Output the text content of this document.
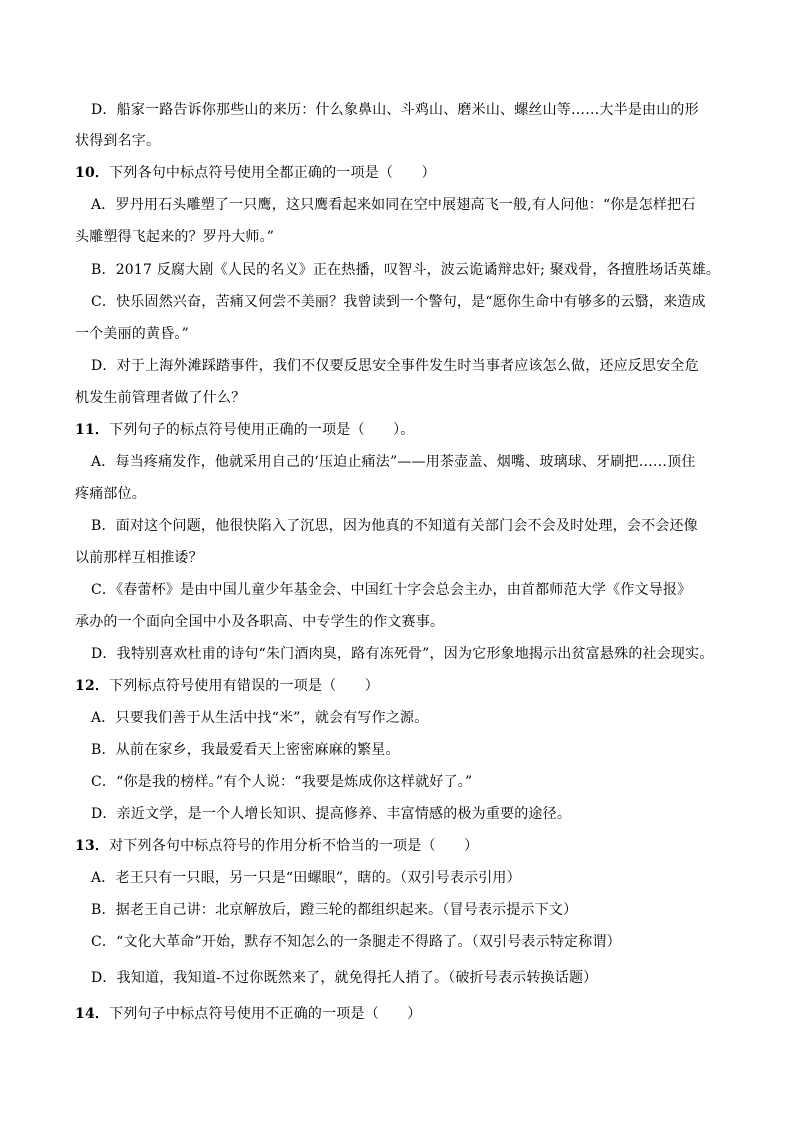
D．船家一路告诉你那些山的来历：什么象鼻山、斗鸡山、磨米山、螺丝山等……大半是由山的形
状得到名字。
10．下列各句中标点符号使用全都正确的一项是（　　）
A．罗丹用石头雕塑了一只鹰，这只鹰看起来如同在空中展翅高飞一般,有人问他：“你是怎样把石
头雕塑得飞起来的？罗丹大师。”
B．2017 反腐大剧《人民的名义》正在热播，叹智斗，波云诡谲辩忠奸; 聚戏骨，各擅胜场话英雄。
C．快乐固然兴奋，苦痛又何尝不美丽？我曾读到一个警句，是“愿你生命中有够多的云翳，来造成
一个美丽的黄昏。”
D．对于上海外滩踩踏事件，我们不仅要反思安全事件发生时当事者应该怎么做，还应反思安全危
机发生前管理者做了什么？
11．下列句子的标点符号使用正确的一项是（　　）。
A．每当疼痛发作，他就采用自己的‘压迫止痛法”——用茶壶盖、烟嘴、玻璃球、牙刷把……顶住
疼痛部位。
B．面对这个问题，他很快陷入了沉思，因为他真的不知道有关部门会不会及时处理，会不会还像
以前那样互相推诿？
C．《春蕾杯》是由中国儿童少年基金会、中国红十字会总会主办，由首都师范大学《作文导报》
承办的一个面向全国中小及各职高、中专学生的作文赛事。
D．我特别喜欢杜甫的诗句“朱门酒肉臭，路有冻死骨”，因为它形象地揭示出贫富悬殊的社会现实。
12．下列标点符号使用有错误的一项是（　　）
A．只要我们善于从生活中找“米”，就会有写作之源。
B．从前在家乡，我最爱看天上密密麻麻的繁星。
C．“你是我的榜样。”有个人说：“我要是炼成你这样就好了。”
D．亲近文学，是一个人增长知识、提高修养、丰富情感的极为重要的途径。
13．对下列各句中标点符号的作用分析不恰当的一项是（　　）
A．老王只有一只眼，另一只是“田螺眼”，瞎的。（双引号表示引用）
B．据老王自己讲：北京解放后，蹬三轮的都组织起来。（冒号表示提示下文）
C．“文化大革命”开始，默存不知怎么的一条腿走不得路了。（双引号表示特定称谓）
D．我知道，我知道-不过你既然来了，就免得托人捎了。（破折号表示转换话题）
14．下列句子中标点符号使用不正确的一项是（　　）
